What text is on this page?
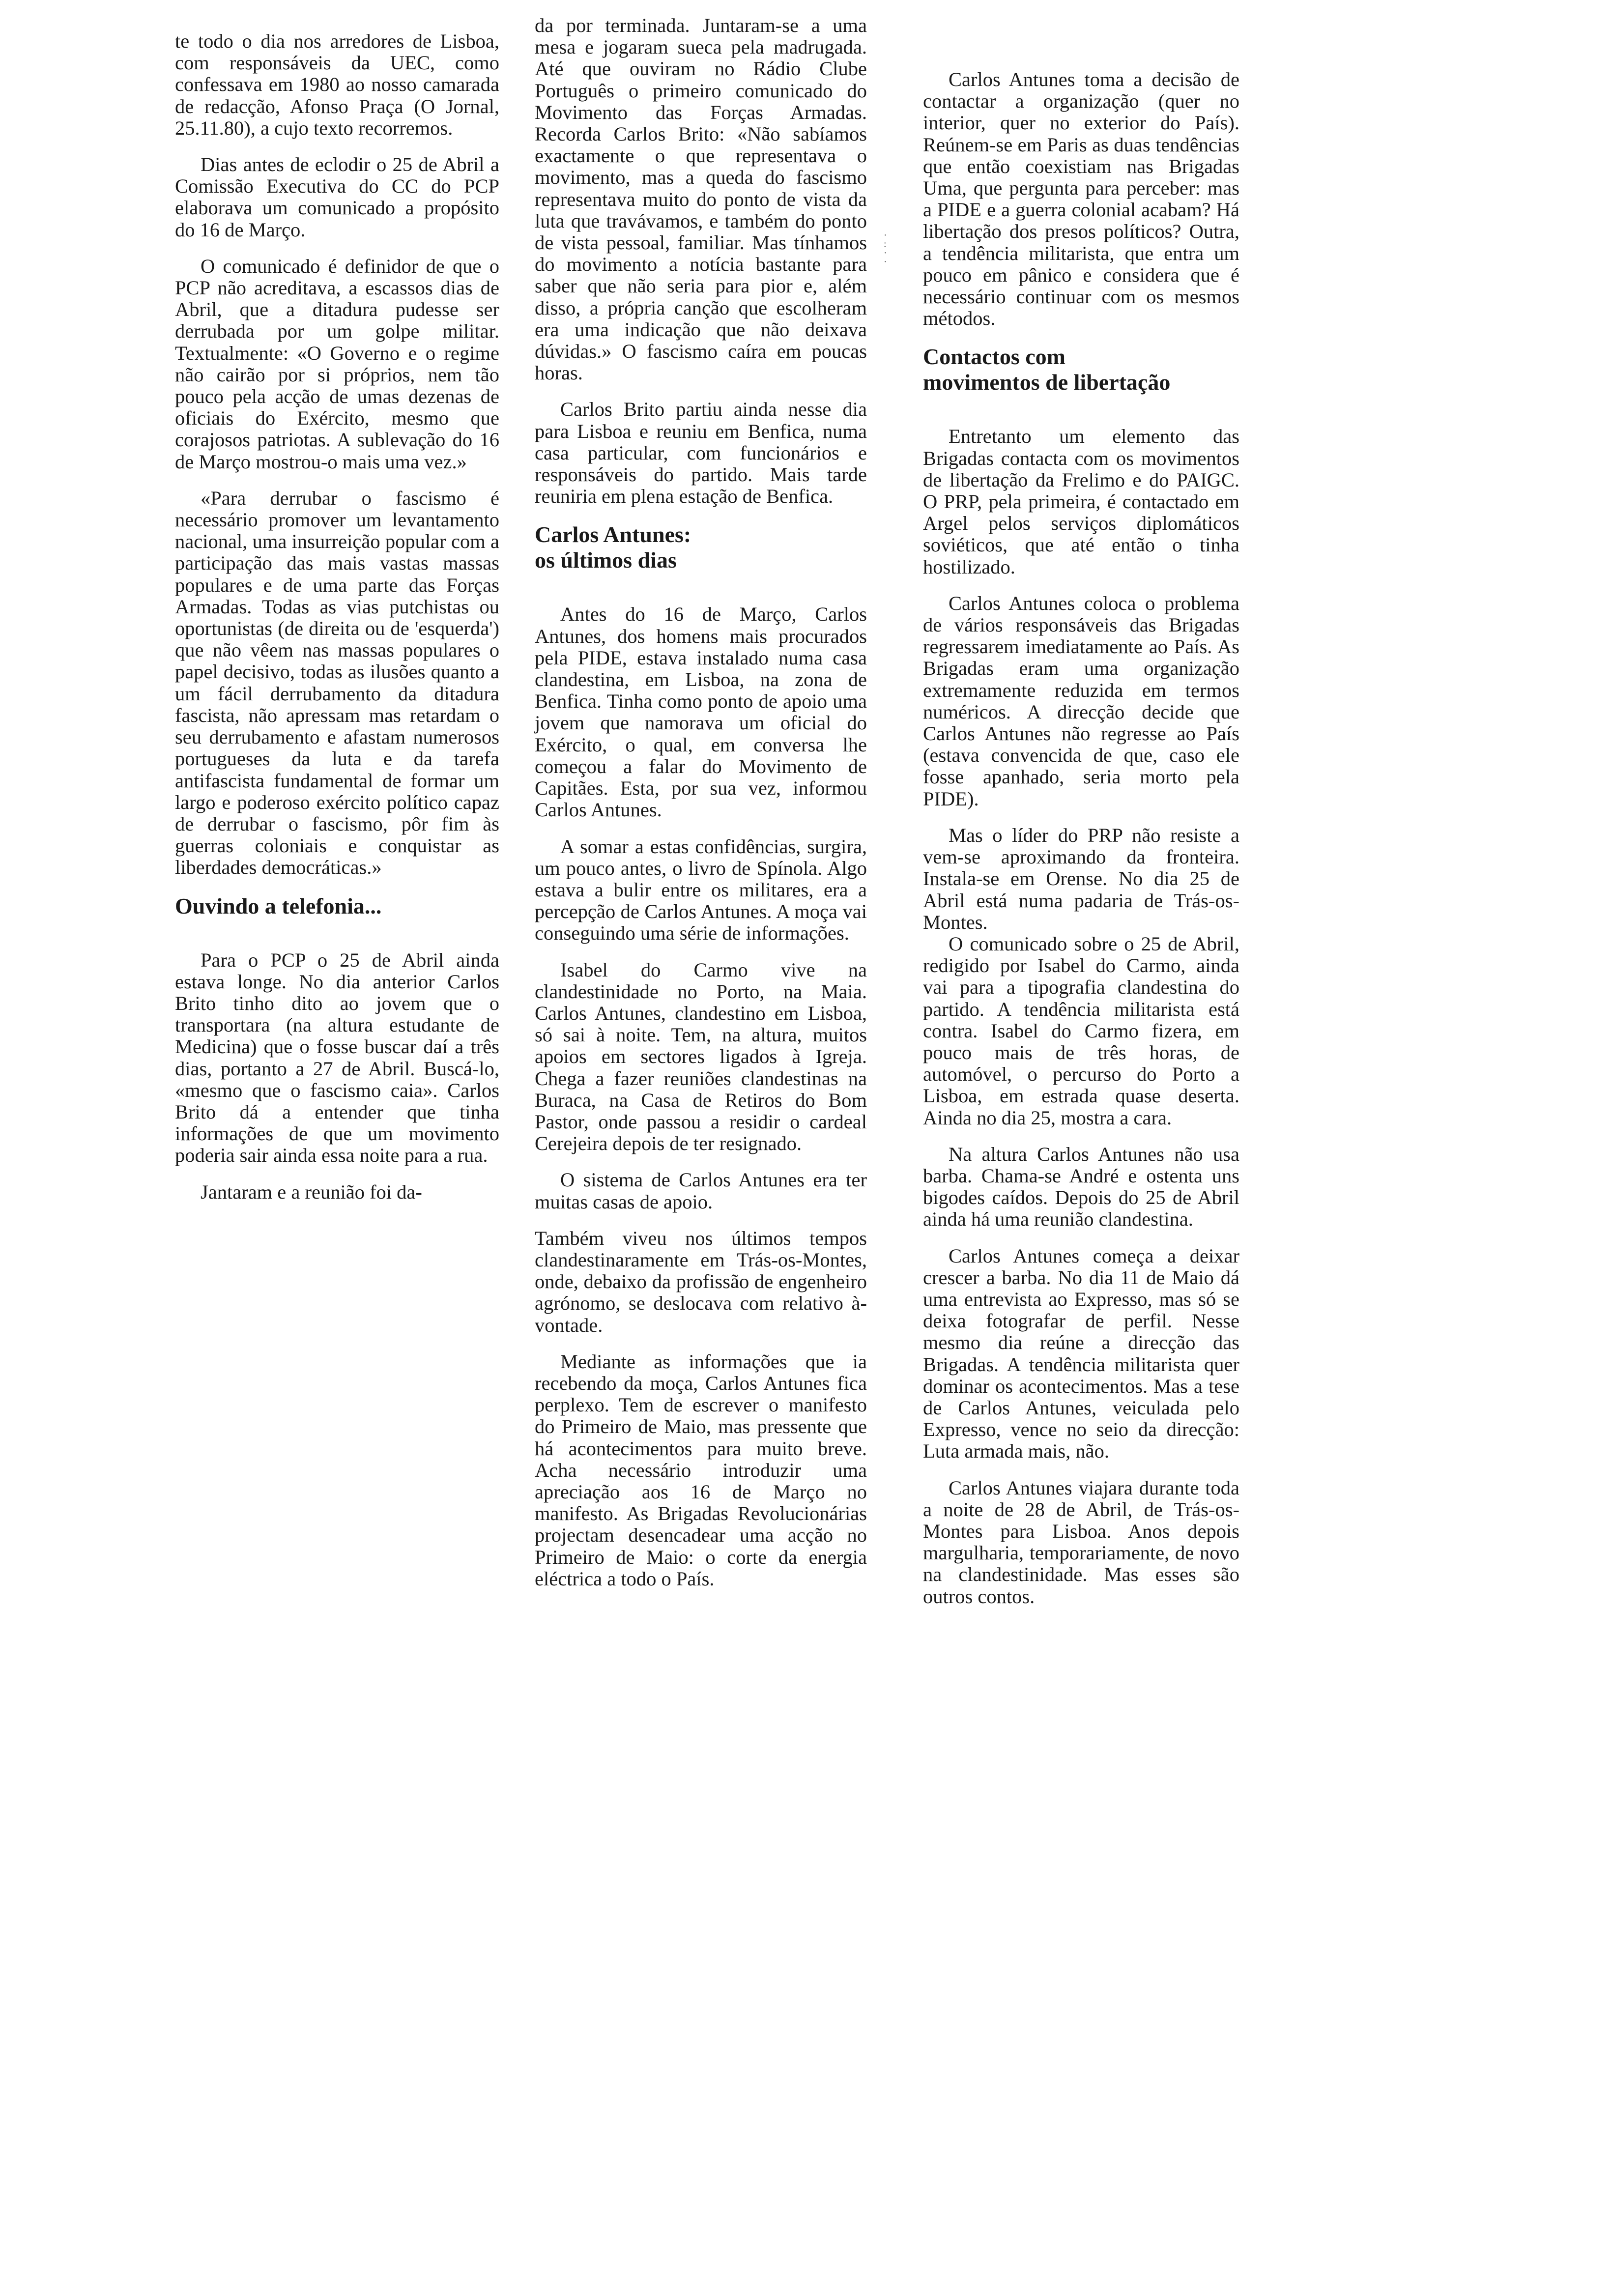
te todo o dia nos arredores de Lisboa, com responsáveis da UEC, como confessava em 1980 ao nosso camarada de redacção, Afonso Praça (O Jornal, 25.11.80), a cujo texto recorremos.

Dias antes de eclodir o 25 de Abril a Comissão Executiva do CC do PCP elaborava um comunicado a propósito do 16 de Março.

O comunicado é definidor de que o PCP não acreditava, a escassos dias de Abril, que a ditadura pudesse ser derrubada por um golpe militar. Textualmente: «O Governo e o regime não cairão por si próprios, nem tão pouco pela acção de umas dezenas de oficiais do Exército, mesmo que corajosos patriotas. A sublevação do 16 de Março mostrou-o mais uma vez.»

«Para derrubar o fascismo é necessário promover um levantamento nacional, uma insurreição popular com a participação das mais vastas massas populares e de uma parte das Forças Armadas. Todas as vias putchistas ou oportunistas (de direita ou de 'esquerda') que não vêem nas massas populares o papel decisivo, todas as ilusões quanto a um fácil derrubamento da ditadura fascista, não apressam mas retardam o seu derrubamento e afastam numerosos portugueses da luta e da tarefa antifascista fundamental de formar um largo e poderoso exército político capaz de derrubar o fascismo, pôr fim às guerras coloniais e conquistar as liberdades democráticas.»

Ouvindo a telefonia...

Para o PCP o 25 de Abril ainda estava longe. No dia anterior Carlos Brito tinho dito ao jovem que o transportara (na altura estudante de Medicina) que o fosse buscar daí a três dias, portanto a 27 de Abril. Buscá-lo, «mesmo que o fascismo caia». Carlos Brito dá a entender que tinha informações de que um movimento poderia sair ainda essa noite para a rua.

Jantaram e a reunião foi da-

da por terminada. Juntaram-se a uma mesa e jogaram sueca pela madrugada. Até que ouviram no Rádio Clube Português o primeiro comunicado do Movimento das Forças Armadas. Recorda Carlos Brito: «Não sabíamos exactamente o que representava o movimento, mas a queda do fascismo representava muito do ponto de vista da luta que travávamos, e também do ponto de vista pessoal, familiar. Mas tínhamos do movimento a notícia bastante para saber que não seria para pior e, além disso, a própria canção que escolheram era uma indicação que não deixava dúvidas.» O fascismo caíra em poucas horas.

Carlos Brito partiu ainda nesse dia para Lisboa e reuniu em Benfica, numa casa particular, com funcionários e responsáveis do partido. Mais tarde reuniria em plena estação de Benfica.

Carlos Antunes:
os últimos dias

Antes do 16 de Março, Carlos Antunes, dos homens mais procurados pela PIDE, estava instalado numa casa clandestina, em Lisboa, na zona de Benfica. Tinha como ponto de apoio uma jovem que namorava um oficial do Exército, o qual, em conversa lhe começou a falar do Movimento de Capitães. Esta, por sua vez, informou Carlos Antunes.

A somar a estas confidências, surgira, um pouco antes, o livro de Spínola. Algo estava a bulir entre os militares, era a percepção de Carlos Antunes. A moça vai conseguindo uma série de informações.

Isabel do Carmo vive na clandestinidade no Porto, na Maia. Carlos Antunes, clandestino em Lisboa, só sai à noite. Tem, na altura, muitos apoios em sectores ligados à Igreja. Chega a fazer reuniões clandestinas na Buraca, na Casa de Retiros do Bom Pastor, onde passou a residir o cardeal Cerejeira depois de ter resignado.

O sistema de Carlos Antunes era ter muitas casas de apoio.

Também viveu nos últimos tempos clandestinaramente em Trás-os-Montes, onde, debaixo da profissão de engenheiro agrónomo, se deslocava com relativo à-vontade.

Mediante as informações que ia recebendo da moça, Carlos Antunes fica perplexo. Tem de escrever o manifesto do Primeiro de Maio, mas pressente que há acontecimentos para muito breve. Acha necessário introduzir uma apreciação aos 16 de Março no manifesto. As Brigadas Revolucionárias projectam desencadear uma acção no Primeiro de Maio: o corte da energia eléctrica a todo o País.

Carlos Antunes toma a decisão de contactar a organização (quer no interior, quer no exterior do País). Reúnem-se em Paris as duas tendências que então coexistiam nas Brigadas Uma, que pergunta para perceber: mas a PIDE e a guerra colonial acabam? Há libertação dos presos políticos? Outra, a tendência militarista, que entra um pouco em pânico e considera que é necessário continuar com os mesmos métodos.

Contactos com
movimentos de libertação

Entretanto um elemento das Brigadas contacta com os movimentos de libertação da Frelimo e do PAIGC. O PRP, pela primeira, é contactado em Argel pelos serviços diplomáticos soviéticos, que até então o tinha hostilizado.

Carlos Antunes coloca o problema de vários responsáveis das Brigadas regressarem imediatamente ao País. As Brigadas eram uma organização extremamente reduzida em termos numéricos. A direcção decide que Carlos Antunes não regresse ao País (estava convencida de que, caso ele fosse apanhado, seria morto pela PIDE).

Mas o líder do PRP não resiste a vem-se aproximando da fronteira. Instala-se em Orense. No dia 25 de Abril está numa padaria de Trás-os-Montes.

O comunicado sobre o 25 de Abril, redigido por Isabel do Carmo, ainda vai para a tipografia clandestina do partido. A tendência militarista está contra. Isabel do Carmo fizera, em pouco mais de três horas, de automóvel, o percurso do Porto a Lisboa, em estrada quase deserta. Ainda no dia 25, mostra a cara.

Na altura Carlos Antunes não usa barba. Chama-se André e ostenta uns bigodes caídos. Depois do 25 de Abril ainda há uma reunião clandestina.

Carlos Antunes começa a deixar crescer a barba. No dia 11 de Maio dá uma entrevista ao Expresso, mas só se deixa fotografar de perfil. Nesse mesmo dia reúne a direcção das Brigadas. A tendência militarista quer dominar os acontecimentos. Mas a tese de Carlos Antunes, veiculada pelo Expresso, vence no seio da direcção: Luta armada mais, não.

Carlos Antunes viajara durante toda a noite de 28 de Abril, de Trás-os-Montes para Lisboa. Anos depois margulharia, temporariamente, de novo na clandestinidade. Mas esses são outros contos.

·
:
·
·
